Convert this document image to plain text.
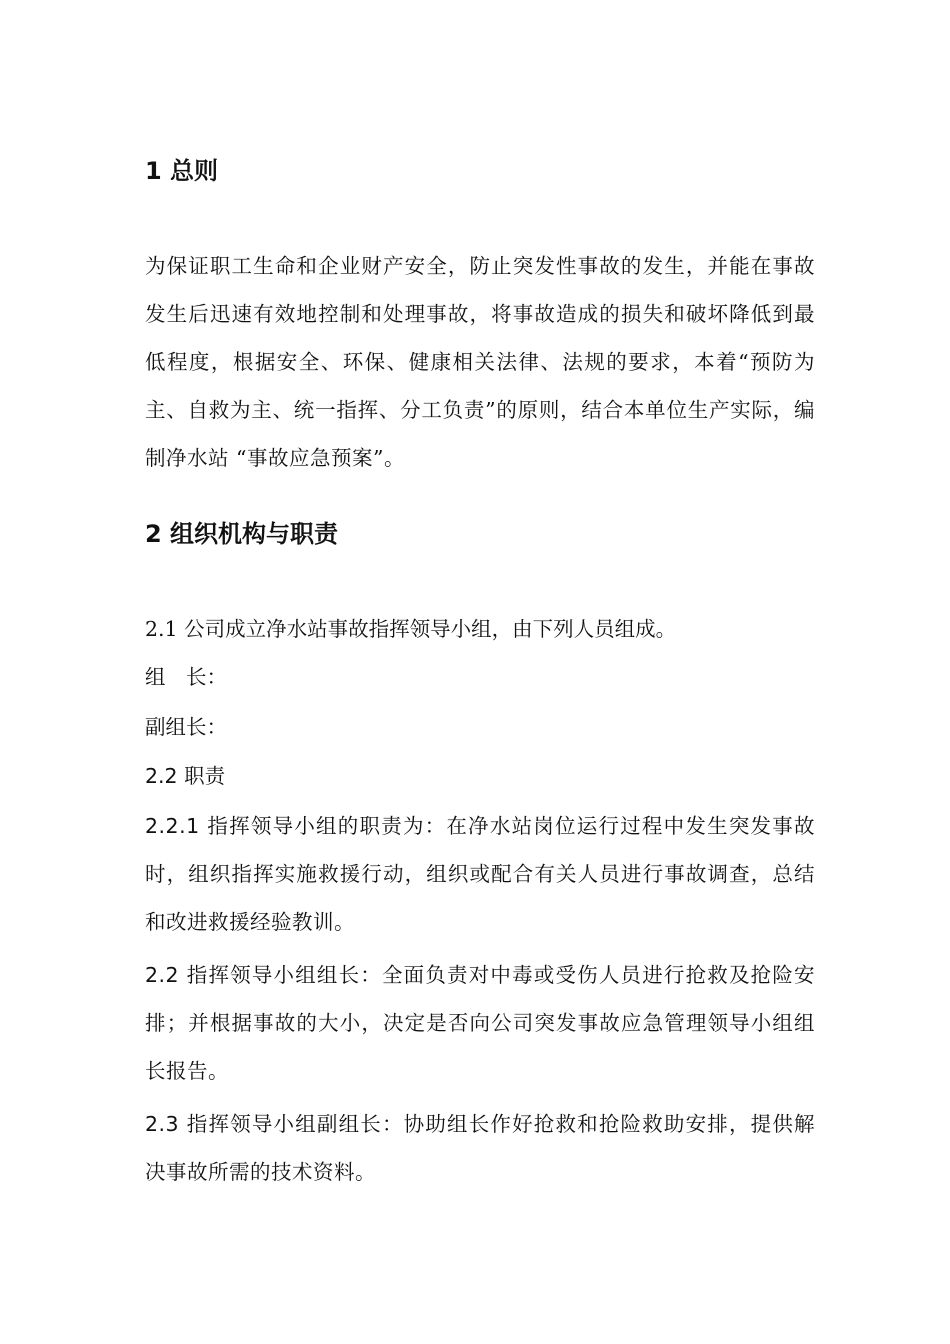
1 总则

为保证职工生命和企业财产安全，防止突发性事故的发生，并能在事故发生后迅速有效地控制和处理事故，将事故造成的损失和破坏降低到最低程度，根据安全、环保、健康相关法律、法规的要求，本着“预防为主、自救为主、统一指挥、分工负责”的原则，结合本单位生产实际，编制净水站 “事故应急预案”。

2 组织机构与职责

2.1 公司成立净水站事故指挥领导小组，由下列人员组成。

组　长：

副组长：

2.2 职责

2.2.1 指挥领导小组的职责为：在净水站岗位运行过程中发生突发事故时，组织指挥实施救援行动，组织或配合有关人员进行事故调查，总结和改进救援经验教训。

2.2 指挥领导小组组长：全面负责对中毒或受伤人员进行抢救及抢险安排；并根据事故的大小，决定是否向公司突发事故应急管理领导小组组长报告。

2.3 指挥领导小组副组长：协助组长作好抢救和抢险救助安排，提供解决事故所需的技术资料。
